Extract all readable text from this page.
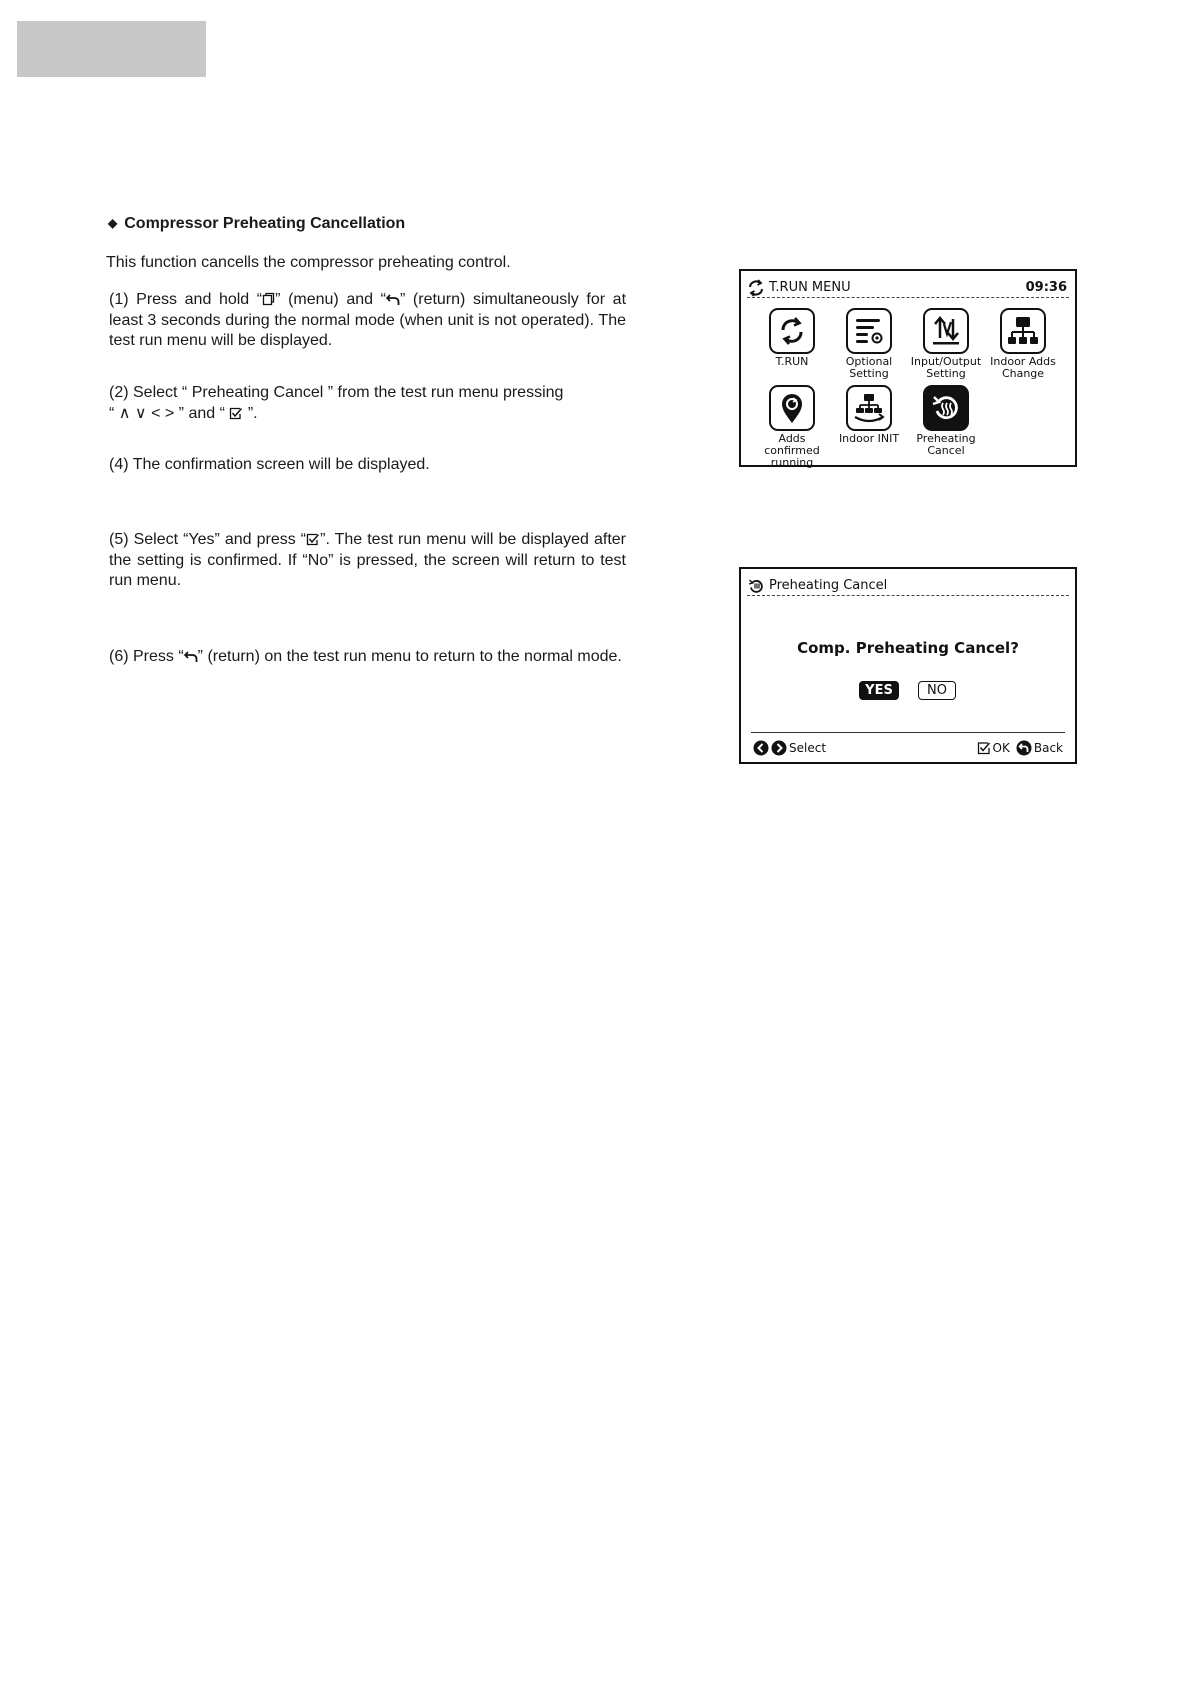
◆ Compressor Preheating Cancellation
This function cancells the compressor preheating control.
(1) Press and hold “ ” (menu) and “ ” (return) simultaneously for at least 3 seconds during the normal mode (when unit is not operated). The test run menu will be displayed.
(2) Select “ Preheating Cancel ” from the test run menu pressing
“ ∧ ∨ < > ” and “ ”.
(4) The confirmation screen will be displayed.
(5) Select “Yes” and press “ ”. The test run menu will be displayed after the setting is confirmed. If “No” is pressed, the screen will return to test run menu.
(6) Press “ ” (return) on the test run menu to return to the normal mode.
T.RUN MENU	09:36
T.RUN	Optional
Setting
Input/Output
Setting
Indoor Adds
Change
Adds confirmed
running
Indoor INIT	Preheating
Cancel
Preheating Cancel
Comp. Preheating Cancel?
YES	NO
Select	OK Back
